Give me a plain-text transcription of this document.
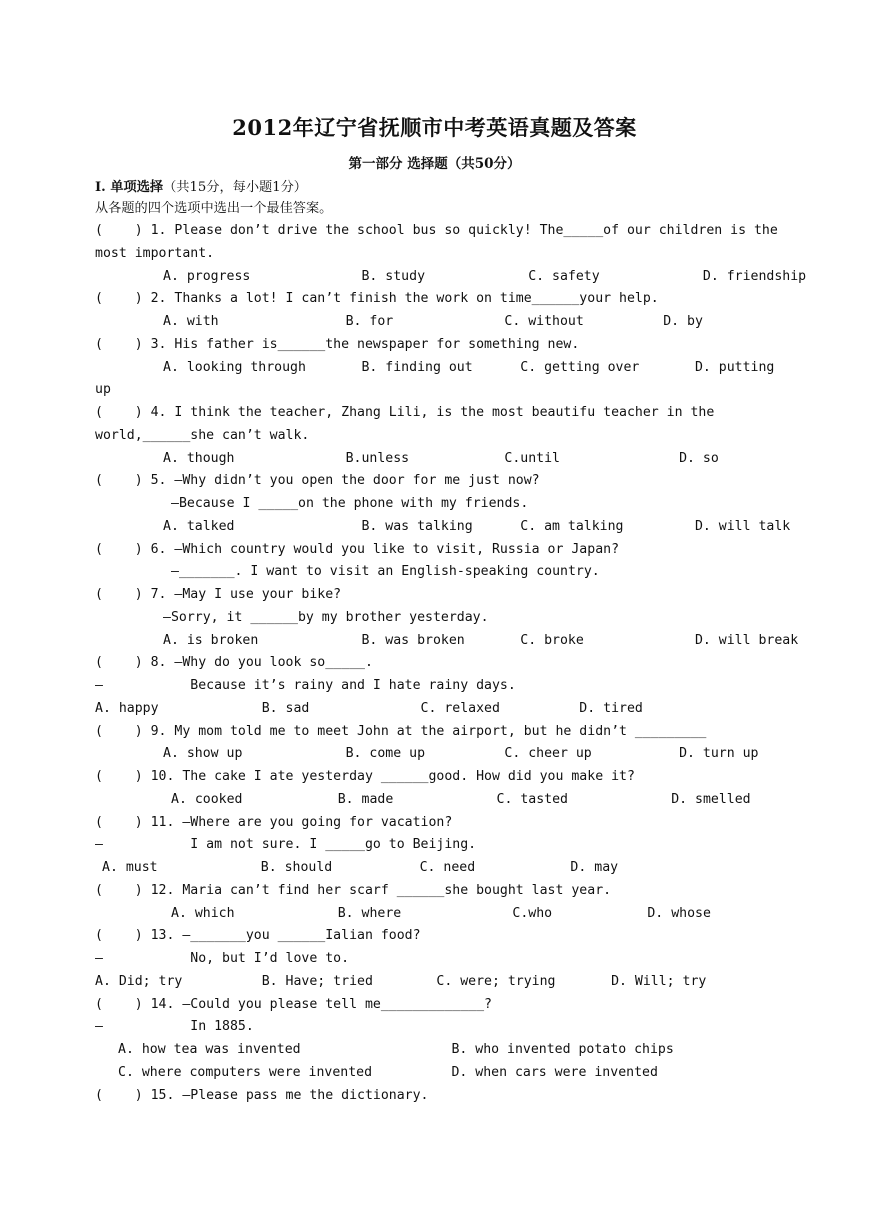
2012年辽宁省抚顺市中考英语真题及答案
第一部分 选择题（共50分）
Ⅰ. 单项选择（共15分，每小题1分）
从各题的四个选项中选出一个最佳答案。
(    ) 1. Please don’t drive the school bus so quickly! The_____of our children is the
most important.
A. progress              B. study             C. safety             D. friendship
(    ) 2. Thanks a lot! I can’t finish the work on time______your help.
A. with                B. for              C. without          D. by
(    ) 3. His father is______the newspaper for something new.
A. looking through       B. finding out      C. getting over       D. putting
up
(    ) 4. I think the teacher, Zhang Lili, is the most beautifu teacher in the
world,______she can’t walk.
A. though              B.unless            C.until               D. so
(    ) 5. —Why didn’t you open the door for me just now?
—Because I _____on the phone with my friends.
A. talked                B. was talking      C. am talking         D. will talk
(    ) 6. —Which country would you like to visit, Russia or Japan?
—_______. I want to visit an English-speaking country.
(    ) 7. —May I use your bike?
—Sorry, it ______by my brother yesterday.
A. is broken             B. was broken       C. broke              D. will break
(    ) 8. —Why do you look so_____.
—           Because it’s rainy and I hate rainy days.
A. happy             B. sad              C. relaxed          D. tired
(    ) 9. My mom told me to meet John at the airport, but he didn’t _________
A. show up             B. come up          C. cheer up           D. turn up
(    ) 10. The cake I ate yesterday ______good. How did you make it?
A. cooked            B. made             C. tasted             D. smelled
(    ) 11. —Where are you going for vacation?
—           I am not sure. I _____go to Beijing.
A. must             B. should           C. need            D. may
(    ) 12. Maria can’t find her scarf ______she bought last year.
A. which             B. where              C.who            D. whose
(    ) 13. —_______you ______Ialian food?
—           No, but I’d love to.
A. Did; try          B. Have; tried        C. were; trying       D. Will; try
(    ) 14. —Could you please tell me_____________?
—           In 1885.
A. how tea was invented                   B. who invented potato chips
C. where computers were invented          D. when cars were invented
(    ) 15. —Please pass me the dictionary.
